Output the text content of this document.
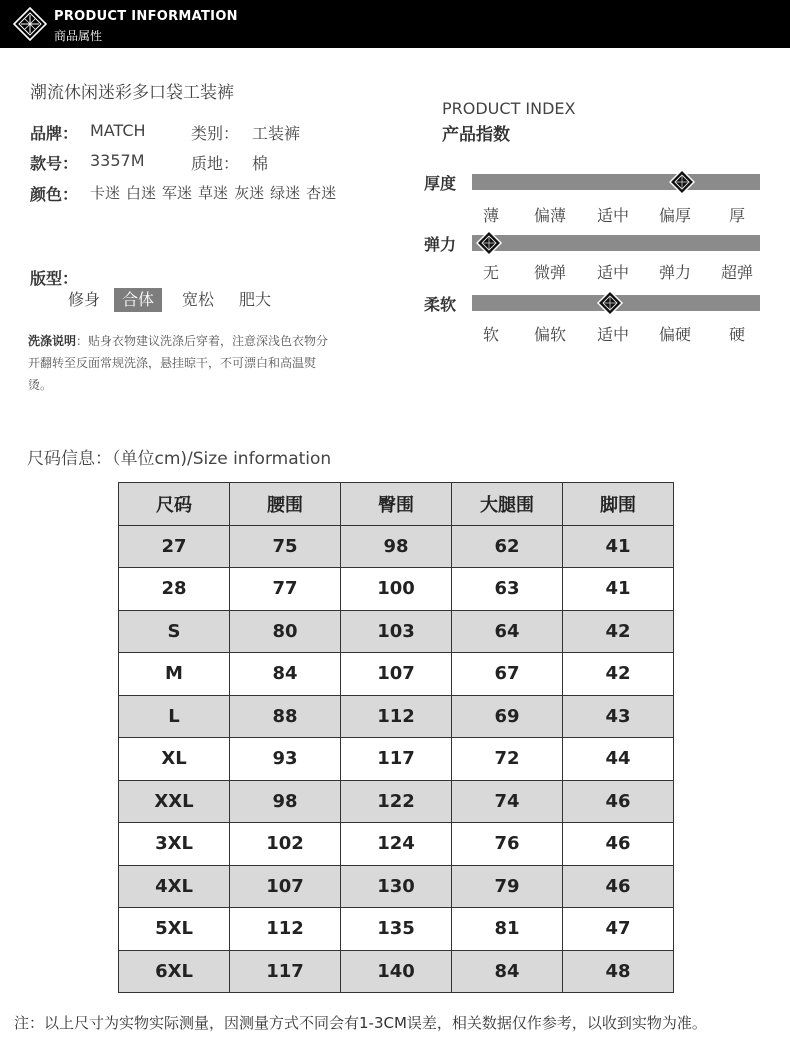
PRODUCT INFORMATION
商品属性
潮流休闲迷彩多口袋工装裤
品牌： MATCH	类别： 工装裤
款号： 3357M	质地： 棉
颜色： 卡迷 白迷 军迷 草迷 灰迷 绿迷 杏迷
版型：
修身	合体	宽松 肥大
洗涤说明：贴身衣物建议洗涤后穿着，注意深浅色衣物分开翻转至反面常规洗涤，悬挂晾干，不可漂白和高温熨烫。
PRODUCT INDEX
产品指数
厚度
薄	偏薄	适中	偏厚	厚
弹力
无	微弹	适中	弹力	超弹
柔软
软	偏软	适中	偏硬	硬
尺码信息：（单位cm)/Size information
尺码	腰围	臀围	大腿围	脚围
27	75	98	62	41
28	77	100	63	41
S	80	103	64	42
M	84	107	67	42
L	88	112	69	43
XL	93	117	72	44
XXL	98	122	74	46
3XL	102	124	76	46
4XL	107	130	79	46
5XL	112	135	81	47
6XL	117	140	84	48
注：以上尺寸为实物实际测量，因测量方式不同会有1-3CM误差，相关数据仅作参考，以收到实物为准。
